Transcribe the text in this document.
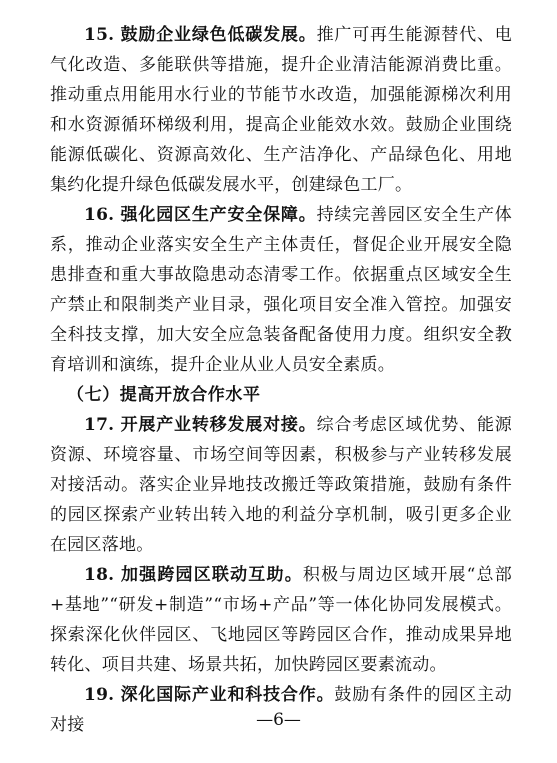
15. 鼓励企业绿色低碳发展。推广可再生能源替代、电气化改造、多能联供等措施，提升企业清洁能源消费比重。推动重点用能用水行业的节能节水改造，加强能源梯次利用和水资源循环梯级利用，提高企业能效水效。鼓励企业围绕能源低碳化、资源高效化、生产洁净化、产品绿色化、用地集约化提升绿色低碳发展水平，创建绿色工厂。

16. 强化园区生产安全保障。持续完善园区安全生产体系，推动企业落实安全生产主体责任，督促企业开展安全隐患排查和重大事故隐患动态清零工作。依据重点区域安全生产禁止和限制类产业目录，强化项目安全准入管控。加强安全科技支撑，加大安全应急装备配备使用力度。组织安全教育培训和演练，提升企业从业人员安全素质。

（七）提高开放合作水平

17. 开展产业转移发展对接。综合考虑区域优势、能源资源、环境容量、市场空间等因素，积极参与产业转移发展对接活动。落实企业异地技改搬迁等政策措施，鼓励有条件的园区探索产业转出转入地的利益分享机制，吸引更多企业在园区落地。

18. 加强跨园区联动互助。积极与周边区域开展“总部+基地”“研发+制造”“市场+产品”等一体化协同发展模式。探索深化伙伴园区、飞地园区等跨园区合作，推动成果异地转化、项目共建、场景共拓，加快跨园区要素流动。

19. 深化国际产业和科技合作。鼓励有条件的园区主动对接	—6—
